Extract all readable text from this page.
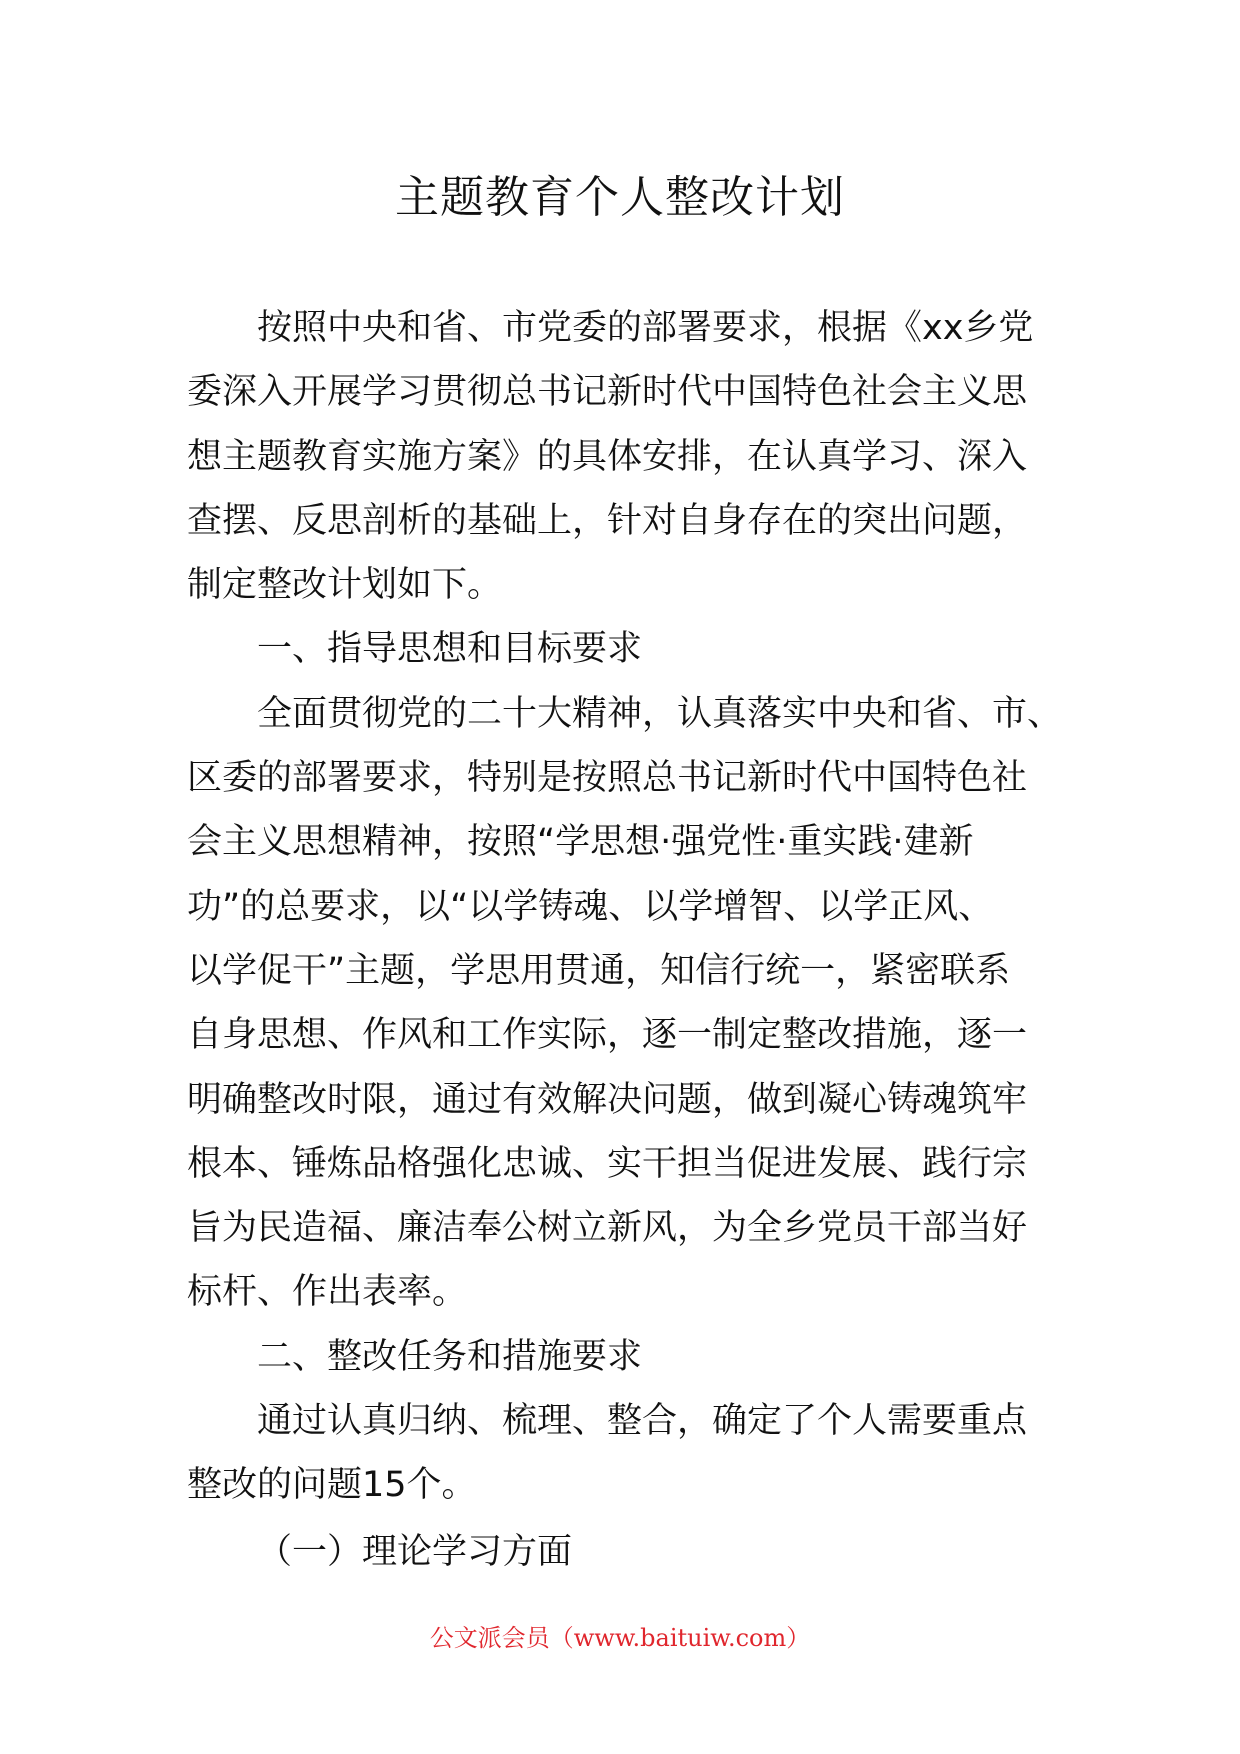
主题教育个人整改计划
按照中央和省、市党委的部署要求，根据《xx乡党
委深入开展学习贯彻总书记新时代中国特色社会主义思
想主题教育实施方案》的具体安排，在认真学习、深入
查摆、反思剖析的基础上，针对自身存在的突出问题，
制定整改计划如下。
一、指导思想和目标要求
全面贯彻党的二十大精神，认真落实中央和省、市、
区委的部署要求，特别是按照总书记新时代中国特色社
会主义思想精神，按照“学思想·强党性·重实践·建新
功”的总要求，以“以学铸魂、以学增智、以学正风、
以学促干”主题，学思用贯通，知信行统一，紧密联系
自身思想、作风和工作实际，逐一制定整改措施，逐一
明确整改时限，通过有效解决问题，做到凝心铸魂筑牢
根本、锤炼品格强化忠诚、实干担当促进发展、践行宗
旨为民造福、廉洁奉公树立新风，为全乡党员干部当好
标杆、作出表率。
二、整改任务和措施要求
通过认真归纳、梳理、整合，确定了个人需要重点
整改的问题15个。
（一）理论学习方面
公文派会员（www.baituiw.com）
